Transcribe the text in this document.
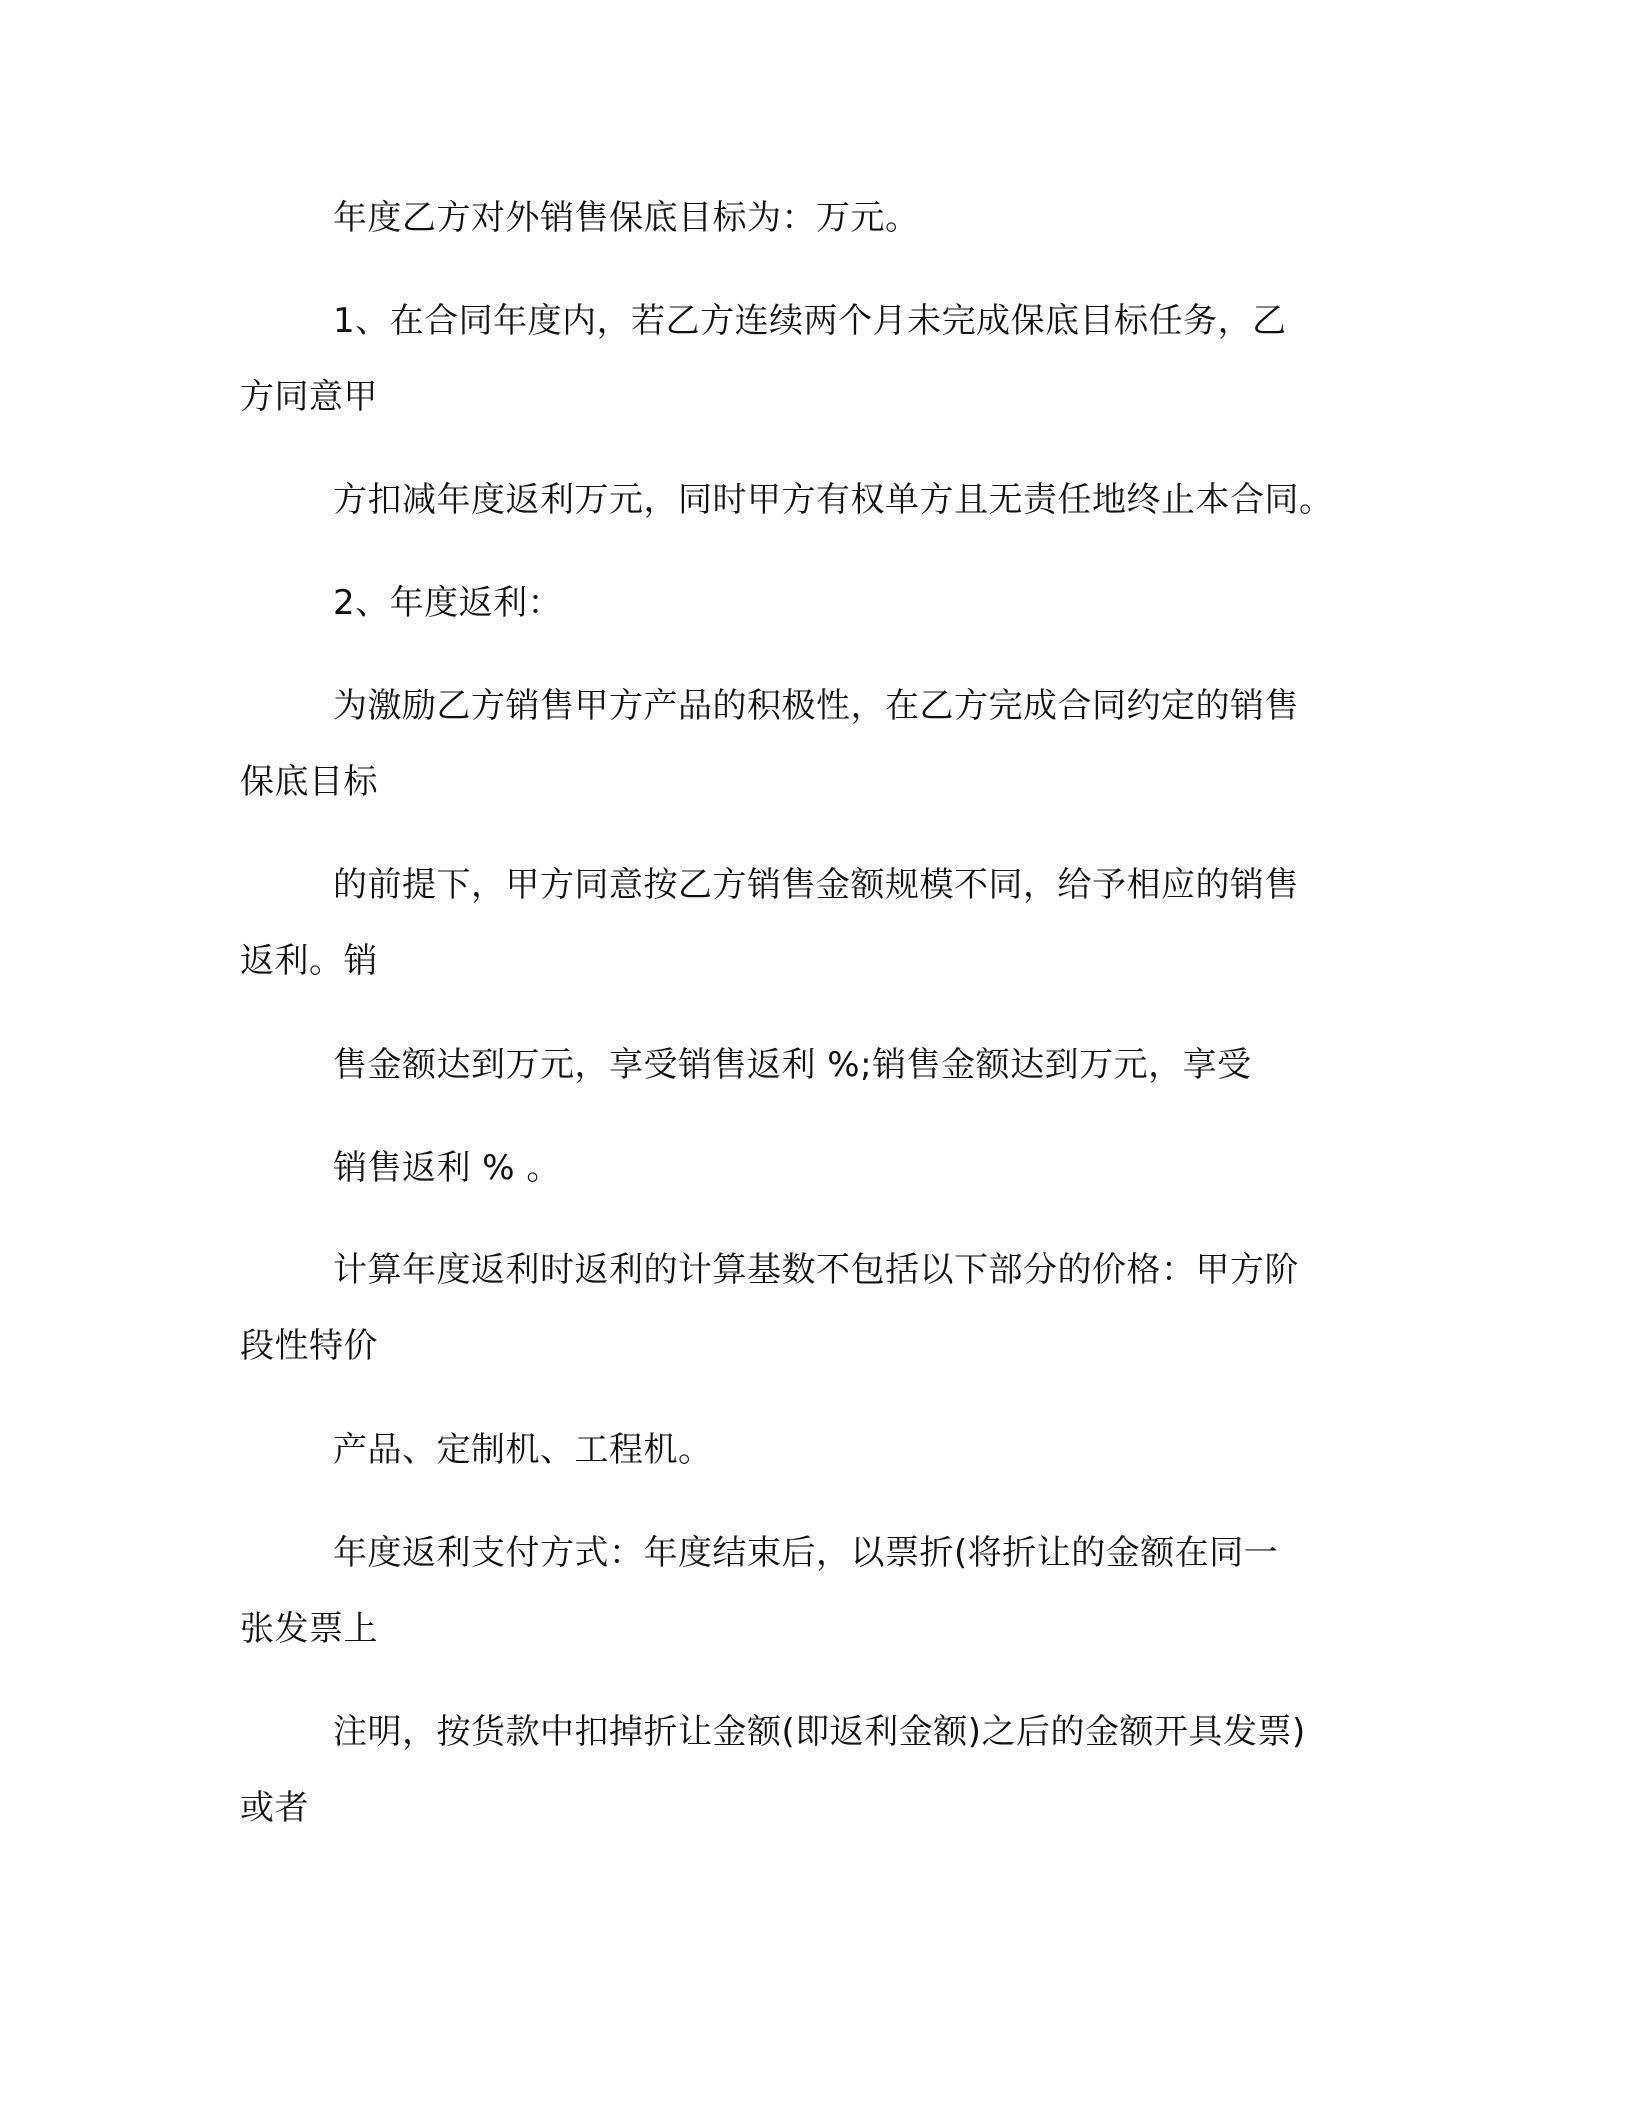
年度乙方对外销售保底目标为：万元。
1、在合同年度内，若乙方连续两个月未完成保底目标任务，乙
方同意甲
方扣减年度返利万元，同时甲方有权单方且无责任地终止本合同。
2、年度返利：
为激励乙方销售甲方产品的积极性，在乙方完成合同约定的销售
保底目标
的前提下，甲方同意按乙方销售金额规模不同，给予相应的销售
返利。销
售金额达到万元，享受销售返利 %;销售金额达到万元，享受
销售返利 % 。
计算年度返利时返利的计算基数不包括以下部分的价格：甲方阶
段性特价
产品、定制机、工程机。
年度返利支付方式：年度结束后，以票折(将折让的金额在同一
张发票上
注明，按货款中扣掉折让金额(即返利金额)之后的金额开具发票)
或者
